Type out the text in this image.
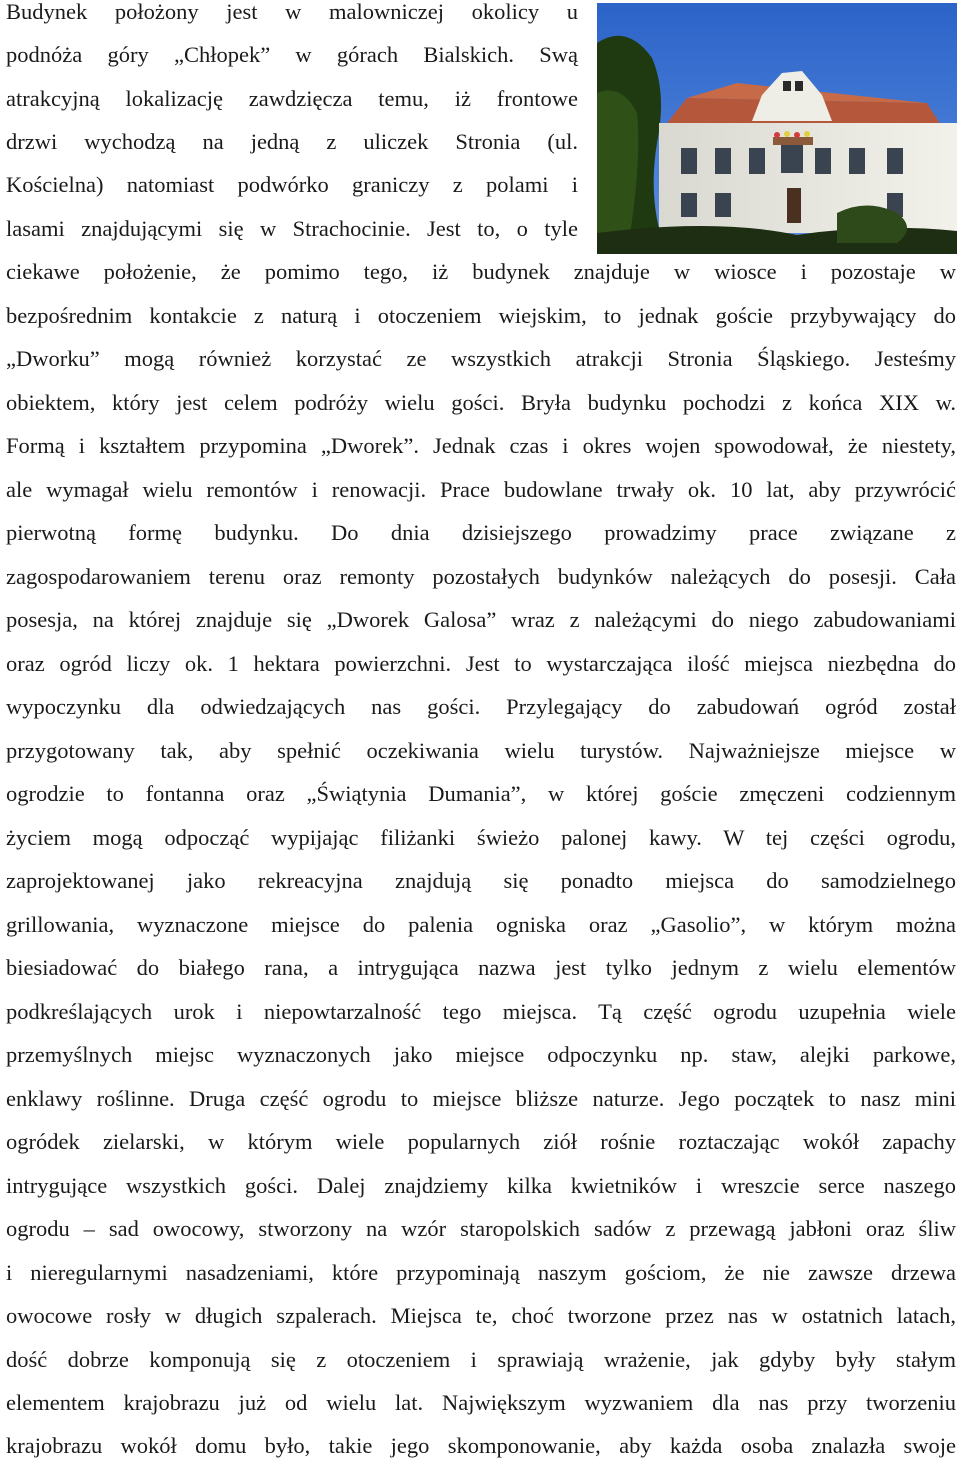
Budynek położony jest w malowniczej okolicy u
podnóża góry „Chłopek” w górach Bialskich. Swą
atrakcyjną lokalizację zawdzięcza temu, iż frontowe
drzwi wychodzą na jedną z uliczek Stronia (ul.
Kościelna) natomiast podwórko graniczy z polami i
lasami znajdującymi się w Strachocinie. Jest to, o tyle
ciekawe położenie, że pomimo tego, iż budynek znajduje w wiosce i pozostaje w
bezpośrednim kontakcie z naturą i otoczeniem wiejskim, to jednak goście przybywający do
„Dworku” mogą również korzystać ze wszystkich atrakcji Stronia Śląskiego. Jesteśmy
obiektem, który jest celem podróży wielu gości. Bryła budynku pochodzi z końca XIX w.
Formą i kształtem przypomina „Dworek”. Jednak czas i okres wojen spowodował, że niestety,
ale wymagał wielu remontów i renowacji. Prace budowlane trwały ok. 10 lat, aby przywrócić
pierwotną formę budynku. Do dnia dzisiejszego prowadzimy prace związane z
zagospodarowaniem terenu oraz remonty pozostałych budynków należących do posesji. Cała
posesja, na której znajduje się „Dworek Galosa” wraz z należącymi do niego zabudowaniami
oraz ogród liczy ok. 1 hektara powierzchni. Jest to wystarczająca ilość miejsca niezbędna do
wypoczynku dla odwiedzających nas gości. Przylegający do zabudowań ogród został
przygotowany tak, aby spełnić oczekiwania wielu turystów. Najważniejsze miejsce w
ogrodzie to fontanna oraz „Świątynia Dumania”, w której goście zmęczeni codziennym
życiem mogą odpocząć wypijając filiżanki świeżo palonej kawy. W tej części ogrodu,
zaprojektowanej jako rekreacyjna znajdują się ponadto miejsca do samodzielnego
grillowania, wyznaczone miejsce do palenia ogniska oraz „Gasolio”, w którym można
biesiadować do białego rana, a intrygująca nazwa jest tylko jednym z wielu elementów
podkreślających urok i niepowtarzalność tego miejsca. Tą część ogrodu uzupełnia wiele
przemyślnych miejsc wyznaczonych jako miejsce odpoczynku np. staw, alejki parkowe,
enklawy roślinne. Druga część ogrodu to miejsce bliższe naturze. Jego początek to nasz mini
ogródek zielarski, w którym wiele popularnych ziół rośnie roztaczając wokół zapachy
intrygujące wszystkich gości. Dalej znajdziemy kilka kwietników i wreszcie serce naszego
ogrodu – sad owocowy, stworzony na wzór staropolskich sadów z przewagą jabłoni oraz śliw
i nieregularnymi nasadzeniami, które przypominają naszym gościom, że nie zawsze drzewa
owocowe rosły w długich szpalerach. Miejsca te, choć tworzone przez nas w ostatnich latach,
dość dobrze komponują się z otoczeniem i sprawiają wrażenie, jak gdyby były stałym
elementem krajobrazu już od wielu lat. Największym wyzwaniem dla nas przy tworzeniu
krajobrazu wokół domu było, takie jego skomponowanie, aby każda osoba znalazła swoje
